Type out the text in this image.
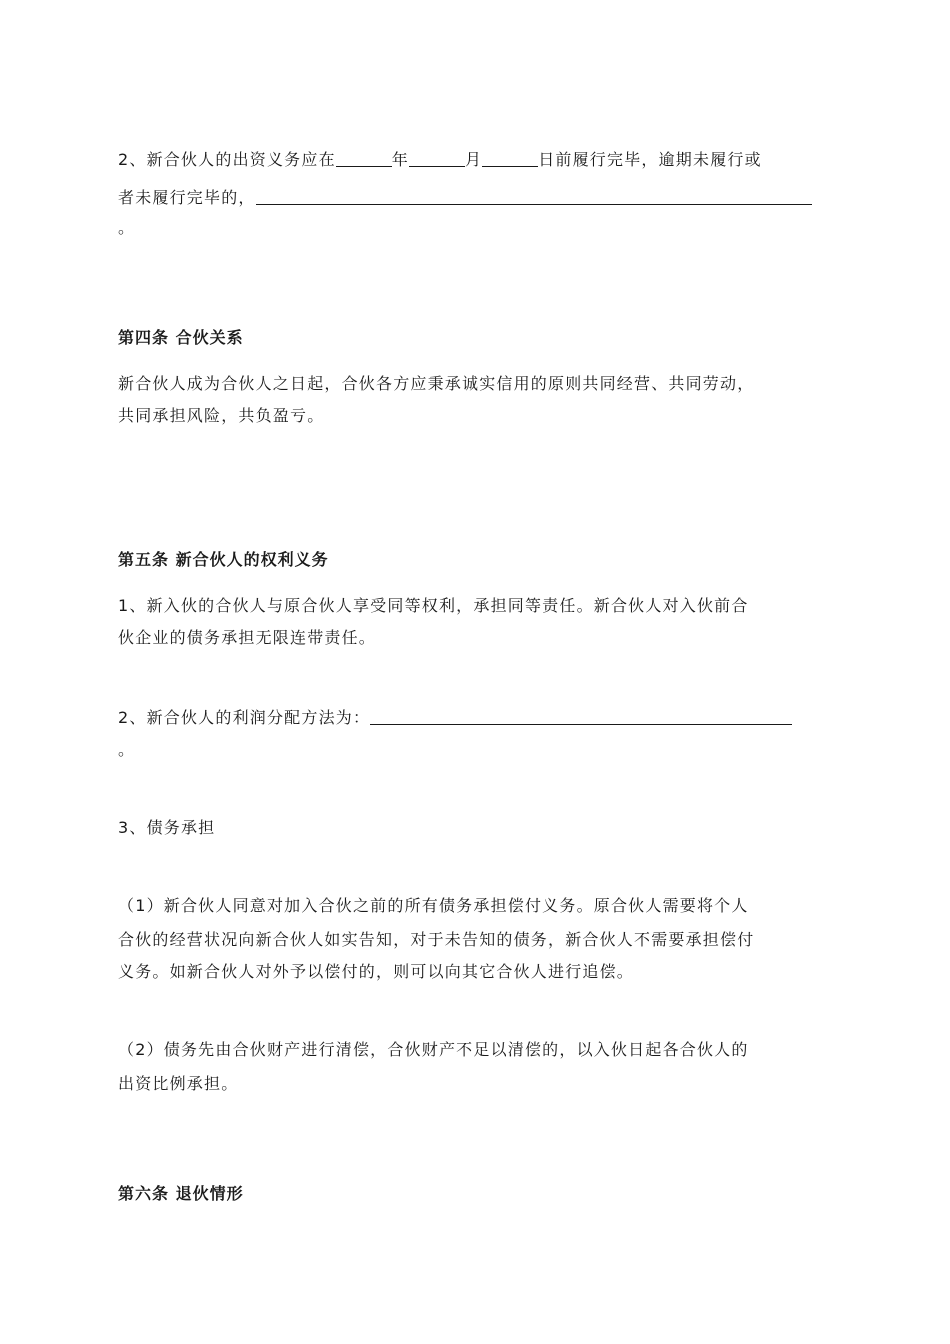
2、新合伙人的出资义务应在	年	月	日前履行完毕，逾期未履行或
者未履行完毕的，
。
第四条 合伙关系
新合伙人成为合伙人之日起，合伙各方应秉承诚实信用的原则共同经营、共同劳动，
共同承担风险，共负盈亏。
第五条 新合伙人的权利义务
1、新入伙的合伙人与原合伙人享受同等权利，承担同等责任。新合伙人对入伙前合
伙企业的债务承担无限连带责任。
2、新合伙人的利润分配方法为：
。
3、债务承担
（1）新合伙人同意对加入合伙之前的所有债务承担偿付义务。原合伙人需要将个人
合伙的经营状况向新合伙人如实告知，对于未告知的债务，新合伙人不需要承担偿付
义务。如新合伙人对外予以偿付的，则可以向其它合伙人进行追偿。
（2）债务先由合伙财产进行清偿，合伙财产不足以清偿的，以入伙日起各合伙人的
出资比例承担。
第六条 退伙情形
